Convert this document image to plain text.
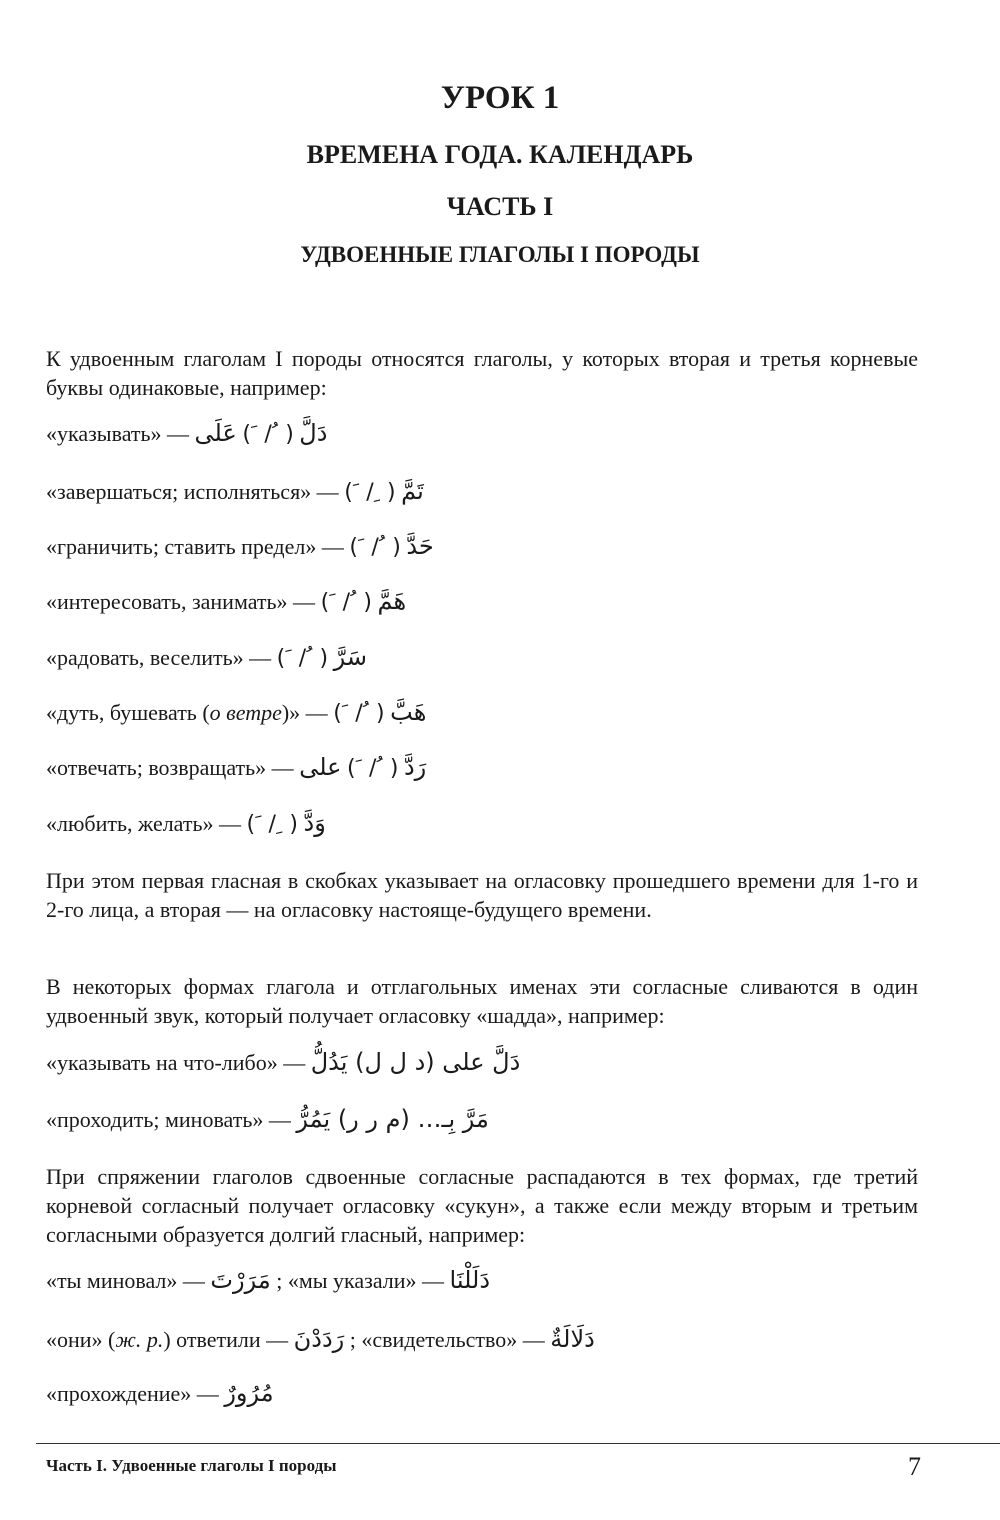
УРОК 1
ВРЕМЕНА ГОДА. КАЛЕНДАРЬ
ЧАСТЬ I
УДВОЕННЫЕ ГЛАГОЛЫ I ПОРОДЫ

К удвоенным глаголам I породы относятся глаголы, у которых вторая и третья корневые буквы одинаковые, например:

«указывать» — عَلَى ( َ / ُ ) دَلَّ
«завершаться; исполняться» — ( َ / ِ ) تَمَّ
«граничить; ставить предел» — ( َ / ُ ) حَدَّ
«интересовать, занимать» — ( َ / ُ ) هَمَّ
«радовать, веселить» — ( َ / ُ ) سَرَّ
«дуть, бушевать (о ветре)» — ( َ / ُ ) هَبَّ
«отвечать; возвращать» — على ( َ / ُ ) رَدَّ
«любить, желать» — ( َ / ِ ) وَدَّ

При этом первая гласная в скобках указывает на огласовку прошедшего времени для 1-го и 2-го лица, а вторая — на огласовку настояще-будущего времени.

В некоторых формах глагола и отглагольных именах эти согласные сливаются в один удвоенный звук, который получает огласовку «шадда», например:

«указывать на что-либо» — دَلَّ على (د ل ل) يَدُلُّ
«проходить; миновать» — مَرَّ بِـ… (م ر ر) يَمُرُّ

При спряжении глаголов сдвоенные согласные распадаются в тех формах, где третий корневой согласный получает огласовку «сукун», а также если между вторым и третьим согласными образуется долгий гласный, например:

«ты миновал» — مَرَرْتَ ; «мы указали» — دَلَلْنَا
«они» (ж. р.) ответили — رَدَدْنَ ; «свидетельство» — دَلَالَةٌ
«прохождение» — مُرُورٌ

Часть I. Удвоенные глаголы I породы	7
